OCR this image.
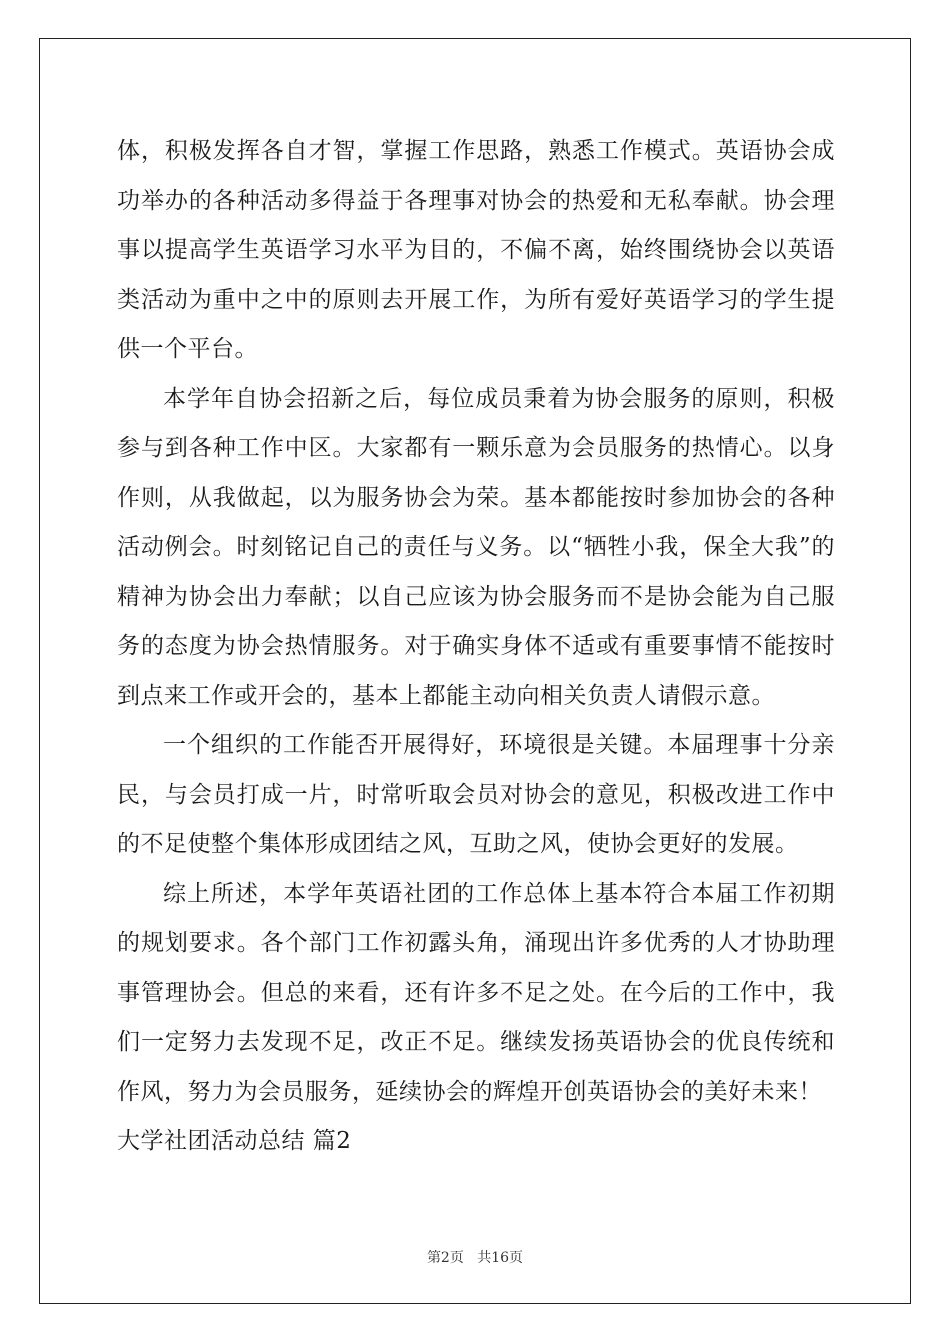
体，积极发挥各自才智，掌握工作思路，熟悉工作模式。英语协会成功举办的各种活动多得益于各理事对协会的热爱和无私奉献。协会理事以提高学生英语学习水平为目的，不偏不离，始终围绕协会以英语类活动为重中之中的原则去开展工作，为所有爱好英语学习的学生提供一个平台。

本学年自协会招新之后，每位成员秉着为协会服务的原则，积极参与到各种工作中区。大家都有一颗乐意为会员服务的热情心。以身作则，从我做起，以为服务协会为荣。基本都能按时参加协会的各种活动例会。时刻铭记自己的责任与义务。以“牺牲小我，保全大我”的精神为协会出力奉献；以自己应该为协会服务而不是协会能为自己服务的态度为协会热情服务。对于确实身体不适或有重要事情不能按时到点来工作或开会的，基本上都能主动向相关负责人请假示意。

一个组织的工作能否开展得好，环境很是关键。本届理事十分亲民，与会员打成一片，时常听取会员对协会的意见，积极改进工作中的不足使整个集体形成团结之风，互助之风，使协会更好的发展。

综上所述，本学年英语社团的工作总体上基本符合本届工作初期的规划要求。各个部门工作初露头角，涌现出许多优秀的人才协助理事管理协会。但总的来看，还有许多不足之处。在今后的工作中，我们一定努力去发现不足，改正不足。继续发扬英语协会的优良传统和作风，努力为会员服务，延续协会的辉煌开创英语协会的美好未来！

大学社团活动总结 篇2

第2页 共16页
